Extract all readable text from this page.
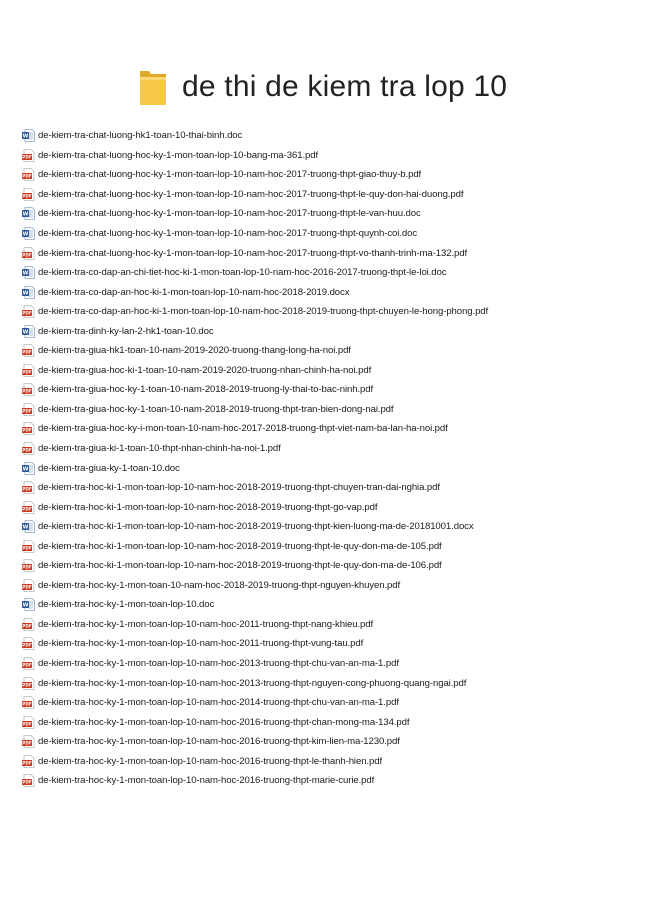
de thi de kiem tra lop 10
W de-kiem-tra-chat-luong-hk1-toan-10-thai-binh.doc
PDF de-kiem-tra-chat-luong-hoc-ky-1-mon-toan-lop-10-bang-ma-361.pdf
PDF de-kiem-tra-chat-luong-hoc-ky-1-mon-toan-lop-10-nam-hoc-2017-truong-thpt-giao-thuy-b.pdf
PDF de-kiem-tra-chat-luong-hoc-ky-1-mon-toan-lop-10-nam-hoc-2017-truong-thpt-le-quy-don-hai-duong.pdf
W de-kiem-tra-chat-luong-hoc-ky-1-mon-toan-lop-10-nam-hoc-2017-truong-thpt-le-van-huu.doc
W de-kiem-tra-chat-luong-hoc-ky-1-mon-toan-lop-10-nam-hoc-2017-truong-thpt-quynh-coi.doc
PDF de-kiem-tra-chat-luong-hoc-ky-1-mon-toan-lop-10-nam-hoc-2017-truong-thpt-vo-thanh-trinh-ma-132.pdf
W de-kiem-tra-co-dap-an-chi-tiet-hoc-ki-1-mon-toan-lop-10-nam-hoc-2016-2017-truong-thpt-le-loi.doc
W de-kiem-tra-co-dap-an-hoc-ki-1-mon-toan-lop-10-nam-hoc-2018-2019.docx
PDF de-kiem-tra-co-dap-an-hoc-ki-1-mon-toan-lop-10-nam-hoc-2018-2019-truong-thpt-chuyen-le-hong-phong.pdf
W de-kiem-tra-dinh-ky-lan-2-hk1-toan-10.doc
PDF de-kiem-tra-giua-hk1-toan-10-nam-2019-2020-truong-thang-long-ha-noi.pdf
PDF de-kiem-tra-giua-hoc-ki-1-toan-10-nam-2019-2020-truong-nhan-chinh-ha-noi.pdf
PDF de-kiem-tra-giua-hoc-ky-1-toan-10-nam-2018-2019-truong-ly-thai-to-bac-ninh.pdf
PDF de-kiem-tra-giua-hoc-ky-1-toan-10-nam-2018-2019-truong-thpt-tran-bien-dong-nai.pdf
PDF de-kiem-tra-giua-hoc-ky-i-mon-toan-10-nam-hoc-2017-2018-truong-thpt-viet-nam-ba-lan-ha-noi.pdf
PDF de-kiem-tra-giua-ki-1-toan-10-thpt-nhan-chinh-ha-noi-1.pdf
W de-kiem-tra-giua-ky-1-toan-10.doc
PDF de-kiem-tra-hoc-ki-1-mon-toan-lop-10-nam-hoc-2018-2019-truong-thpt-chuyen-tran-dai-nghia.pdf
PDF de-kiem-tra-hoc-ki-1-mon-toan-lop-10-nam-hoc-2018-2019-truong-thpt-go-vap.pdf
W de-kiem-tra-hoc-ki-1-mon-toan-lop-10-nam-hoc-2018-2019-truong-thpt-kien-luong-ma-de-20181001.docx
PDF de-kiem-tra-hoc-ki-1-mon-toan-lop-10-nam-hoc-2018-2019-truong-thpt-le-quy-don-ma-de-105.pdf
PDF de-kiem-tra-hoc-ki-1-mon-toan-lop-10-nam-hoc-2018-2019-truong-thpt-le-quy-don-ma-de-106.pdf
PDF de-kiem-tra-hoc-ky-1-mon-toan-10-nam-hoc-2018-2019-truong-thpt-nguyen-khuyen.pdf
W de-kiem-tra-hoc-ky-1-mon-toan-lop-10.doc
PDF de-kiem-tra-hoc-ky-1-mon-toan-lop-10-nam-hoc-2011-truong-thpt-nang-khieu.pdf
PDF de-kiem-tra-hoc-ky-1-mon-toan-lop-10-nam-hoc-2011-truong-thpt-vung-tau.pdf
PDF de-kiem-tra-hoc-ky-1-mon-toan-lop-10-nam-hoc-2013-truong-thpt-chu-van-an-ma-1.pdf
PDF de-kiem-tra-hoc-ky-1-mon-toan-lop-10-nam-hoc-2013-truong-thpt-nguyen-cong-phuong-quang-ngai.pdf
PDF de-kiem-tra-hoc-ky-1-mon-toan-lop-10-nam-hoc-2014-truong-thpt-chu-van-an-ma-1.pdf
PDF de-kiem-tra-hoc-ky-1-mon-toan-lop-10-nam-hoc-2016-truong-thpt-chan-mong-ma-134.pdf
PDF de-kiem-tra-hoc-ky-1-mon-toan-lop-10-nam-hoc-2016-truong-thpt-kim-lien-ma-1230.pdf
PDF de-kiem-tra-hoc-ky-1-mon-toan-lop-10-nam-hoc-2016-truong-thpt-le-thanh-hien.pdf
PDF de-kiem-tra-hoc-ky-1-mon-toan-lop-10-nam-hoc-2016-truong-thpt-marie-curie.pdf
